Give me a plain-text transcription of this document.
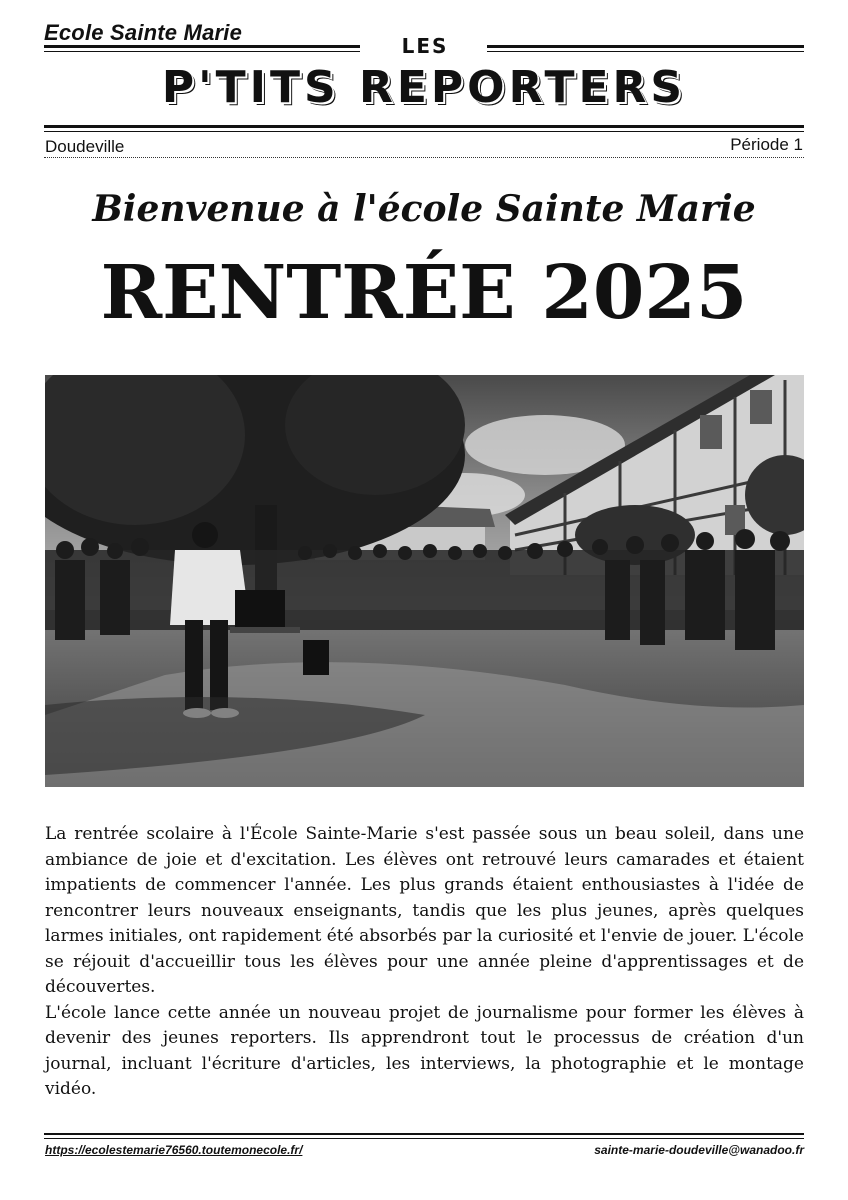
Ecole Sainte Marie
LES
P'TITS REPORTERS
Doudeville	Période 1
Bienvenue à l'école Sainte Marie
RENTRÉE 2025

La rentrée scolaire à l'École Sainte-Marie s'est passée sous un beau soleil, dans une ambiance de joie et d'excitation. Les élèves ont retrouvé leurs camarades et étaient impatients de commencer l'année. Les plus grands étaient enthousiastes à l'idée de rencontrer leurs nouveaux enseignants, tandis que les plus jeunes, après quelques larmes initiales, ont rapidement été absorbés par la curiosité et l'envie de jouer. L'école se réjouit d'accueillir tous les élèves pour une année pleine d'apprentissages et de découvertes.

L'école lance cette année un nouveau projet de journalisme pour former les élèves à devenir des jeunes reporters. Ils apprendront tout le processus de création d'un journal, incluant l'écriture d'articles, les interviews, la photographie et le montage vidéo.

https://ecolestemarie76560.toutemonecole.fr/	sainte-marie-doudeville@wanadoo.fr
